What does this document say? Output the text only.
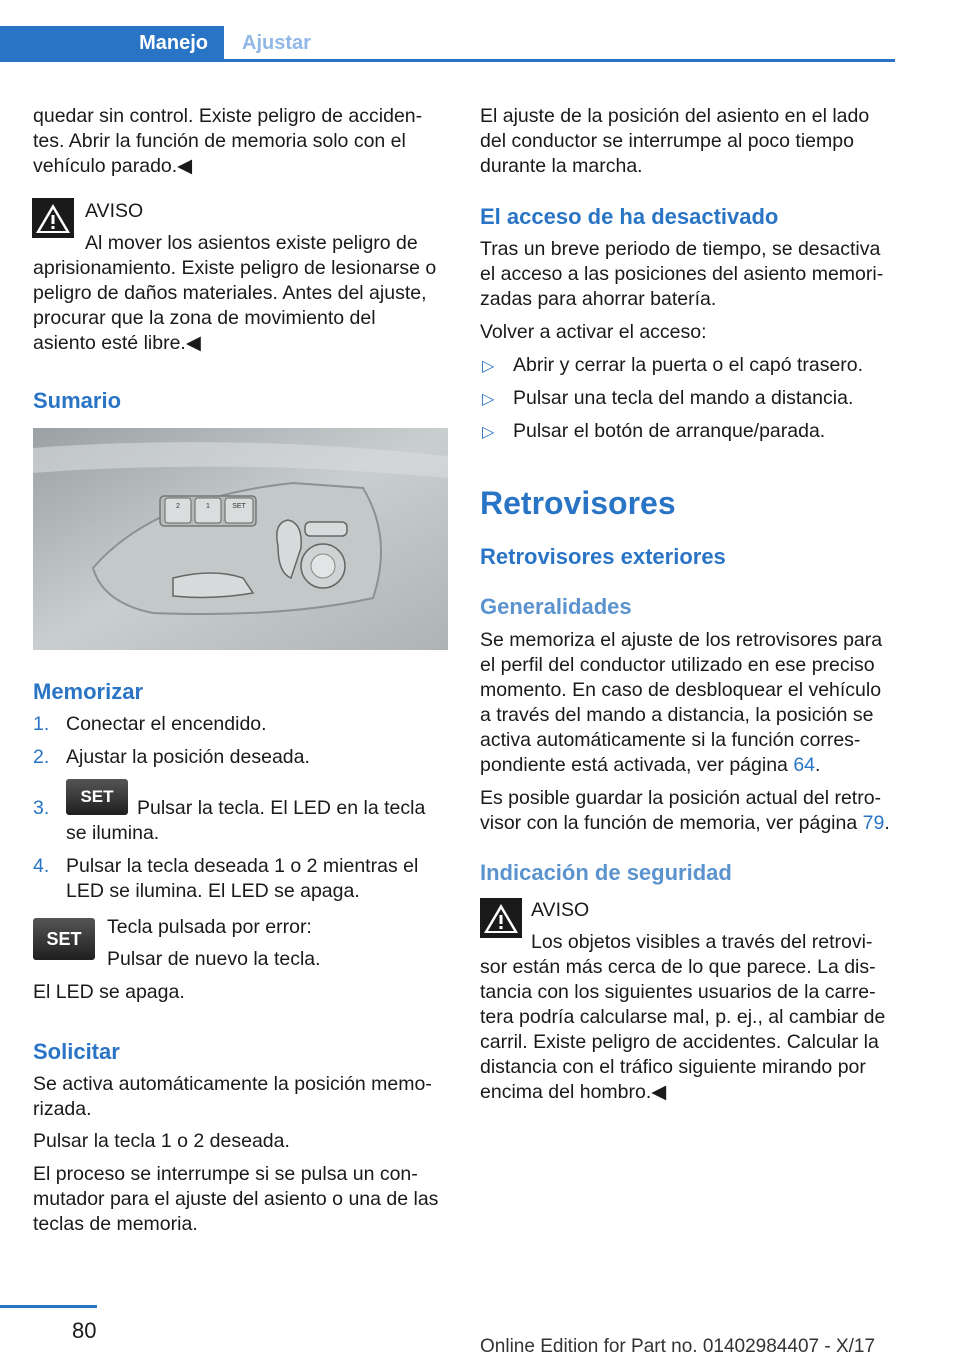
Manejo Ajustar

quedar sin control. Existe peligro de acciden-

tes. Abrir la función de memoria solo con el

vehículo parado.◀

AVISO

Al mover los asientos existe peligro de

aprisionamiento. Existe peligro de lesionarse o

peligro de daños materiales. Antes del ajuste,

procurar que la zona de movimiento del

asiento esté libre.◀

Sumario
2	1	SET
Memorizar
1. Conectar el encendido.

2. Ajustar la posición deseada.

3.
SET

Pulsar la tecla. El LED en la tecla

se ilumina.

4. Pulsar la tecla deseada 1 o 2 mientras el

LED se ilumina. El LED se apaga.

SET

Tecla pulsada por error:

Pulsar de nuevo la tecla.

El LED se apaga.

Solicitar

Se activa automáticamente la posición memo-

rizada.

Pulsar la tecla 1 o 2 deseada.

El proceso se interrumpe si se pulsa un con-

mutador para el ajuste del asiento o una de las

teclas de memoria.

El ajuste de la posición del asiento en el lado

del conductor se interrumpe al poco tiempo

durante la marcha.

El acceso de ha desactivado

Tras un breve periodo de tiempo, se desactiva

el acceso a las posiciones del asiento memori-

zadas para ahorrar batería.

Volver a activar el acceso:

▷ Abrir y cerrar la puerta o el capó trasero.

▷ Pulsar una tecla del mando a distancia.

▷ Pulsar el botón de arranque/parada.

Retrovisores
Retrovisores exteriores
Generalidades

Se memoriza el ajuste de los retrovisores para

el perfil del conductor utilizado en ese preciso

momento. En caso de desbloquear el vehículo

a través del mando a distancia, la posición se

activa automáticamente si la función corres-

pondiente está activada, ver página 64.

Es posible guardar la posición actual del retro-

visor con la función de memoria, ver página 79.

Indicación de seguridad

AVISO

Los objetos visibles a través del retrovi-

sor están más cerca de lo que parece. La dis-

tancia con los siguientes usuarios de la carre-

tera podría calcularse mal, p. ej., al cambiar de

carril. Existe peligro de accidentes. Calcular la

distancia con el tráfico siguiente mirando por

encima del hombro.◀

80
Online Edition for Part no. 01402984407 - X/17
